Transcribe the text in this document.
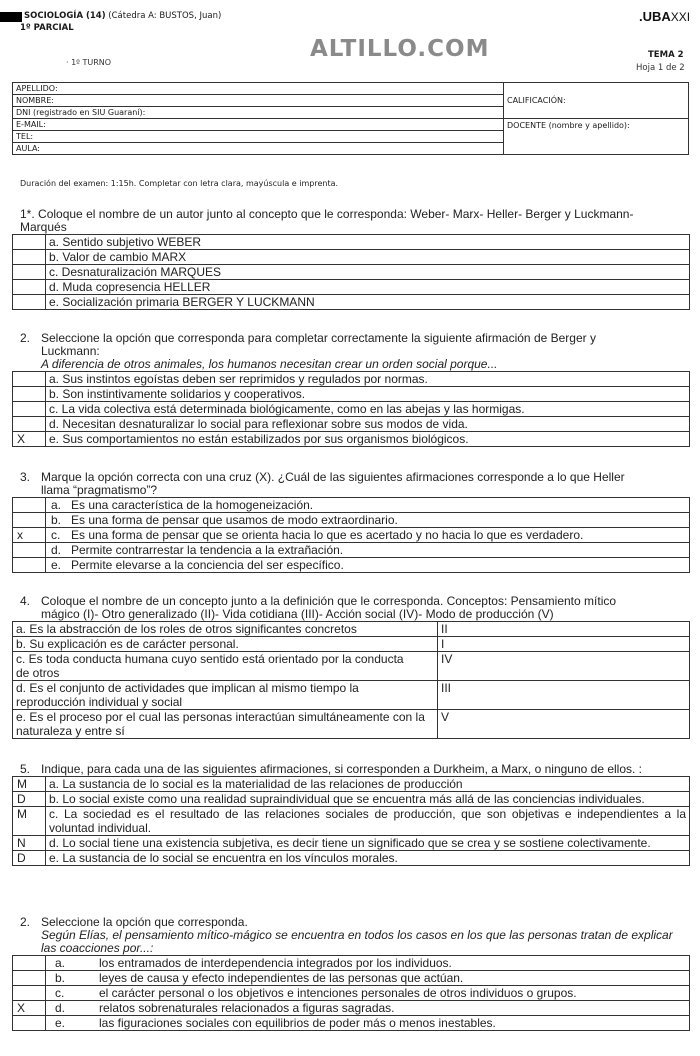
SOCIOLOGÍA (14) (Cátedra A: BUSTOS, Juan)
1º PARCIAL
· 1º TURNO
ALTILLO.COM
.UBAXXI
TEMA 2
Hoja 1 de 2
APELLIDO:	CALIFICACIÓN:
NOMBRE:	
DNI (registrado en SIU Guaraní):	
E-MAIL:	DOCENTE (nombre y apellido):
TEL:	
AULA:	
Duración del examen: 1:15h. Completar con letra clara, mayúscula e imprenta.
1*. Coloque el nombre de un autor junto al concepto que le corresponda: Weber- Marx- Heller- Berger y Luckmann-
Marqués
	a. Sentido subjetivo WEBER
	b. Valor de cambio MARX
	c. Desnaturalización MARQUES
	d. Muda copresencia HELLER
	e. Socialización primaria BERGER Y LUCKMANN
2. Seleccione la opción que corresponda para completar correctamente la siguiente afirmación de Berger y
Luckmann:
A diferencia de otros animales, los humanos necesitan crear un orden social porque...
	a. Sus instintos egoístas deben ser reprimidos y regulados por normas.
	b. Son instintivamente solidarios y cooperativos.
	c. La vida colectiva está determinada biológicamente, como en las abejas y las hormigas.
	d. Necesitan desnaturalizar lo social para reflexionar sobre sus modos de vida.
X	e. Sus comportamientos no están estabilizados por sus organismos biológicos.
3. Marque la opción correcta con una cruz (X). ¿Cuál de las siguientes afirmaciones corresponde a lo que Heller
llama “pragmatismo”?
	a.	Es una característica de la homogeneización.
	b.	Es una forma de pensar que usamos de modo extraordinario.
x	c.	Es una forma de pensar que se orienta hacia lo que es acertado y no hacia lo que es verdadero.
	d.	Permite contrarrestar la tendencia a la extrañación.
	e.	Permite elevarse a la conciencia del ser específico.
4. Coloque el nombre de un concepto junto a la definición que le corresponda. Conceptos: Pensamiento mítico
mágico (I)- Otro generalizado (II)- Vida cotidiana (III)- Acción social (IV)- Modo de producción (V)
a. Es la abstracción de los roles de otros significantes concretos	II
b. Su explicación es de carácter personal.	I
c. Es toda conducta humana cuyo sentido está orientado por la conducta de otros	IV
d. Es el conjunto de actividades que implican al mismo tiempo la reproducción individual y social	III
e. Es el proceso por el cual las personas interactúan simultáneamente con la naturaleza y entre sí	V
5. Indique, para cada una de las siguientes afirmaciones, si corresponden a Durkheim, a Marx, o ninguno de ellos. :
M	a. La sustancia de lo social es la materialidad de las relaciones de producción
D	b. Lo social existe como una realidad supraindividual que se encuentra más allá de las conciencias individuales.
M	c. La sociedad es el resultado de las relaciones sociales de producción, que son objetivas e independientes a la voluntad individual.
N	d. Lo social tiene una existencia subjetiva, es decir tiene un significado que se crea y se sostiene colectivamente.
D	e. La sustancia de lo social se encuentra en los vínculos morales.
2. Seleccione la opción que corresponda.
Según Elías, el pensamiento mítico-mágico se encuentra en todos los casos en los que las personas tratan de explicar las coacciones por...:
	a.	los entramados de interdependencia integrados por los individuos.
	b.	leyes de causa y efecto independientes de las personas que actúan.
	c.	el carácter personal o los objetivos e intenciones personales de otros individuos o grupos.
X	d.	relatos sobrenaturales relacionados a figuras sagradas.
	e.	las figuraciones sociales con equilibrios de poder más o menos inestables.
